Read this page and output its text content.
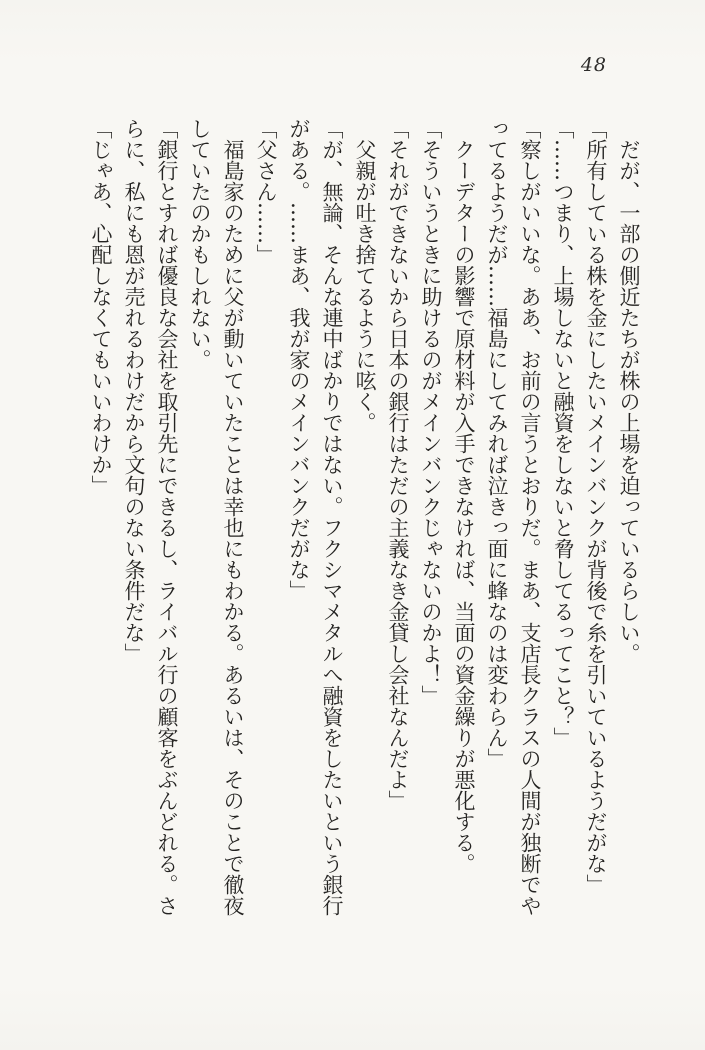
48

だが、一部の側近たちが株の上場を迫っているらしい。

「所有している株を金にしたいメインバンクが背後で糸を引いているようだがな」

「……つまり、上場しないと融資をしないと脅してるってこと？」

「察しがいいな。ああ、お前の言うとおりだ。まあ、支店長クラスの人間が独断でやってるようだが……福島にしてみれば泣きっ面に蜂なのは変わらん」

クーデターの影響で原材料が入手できなければ、当面の資金繰りが悪化する。

「そういうときに助けるのがメインバンクじゃないのかよ！」

「それができないから日本の銀行はただの主義なき金貸し会社なんだよ」

父親が吐き捨てるように呟く。

「が、無論、そんな連中ばかりではない。フクシマメタルへ融資をしたいという銀行がある。……まあ、我が家のメインバンクだがな」

「父さん……」

福島家のために父が動いていたことは幸也にもわかる。あるいは、そのことで徹夜していたのかもしれない。

「銀行とすれば優良な会社を取引先にできるし、ライバル行の顧客をぶんどれる。さらに、私にも恩が売れるわけだから文句のない条件だな」

「じゃあ、心配しなくてもいいわけか」
